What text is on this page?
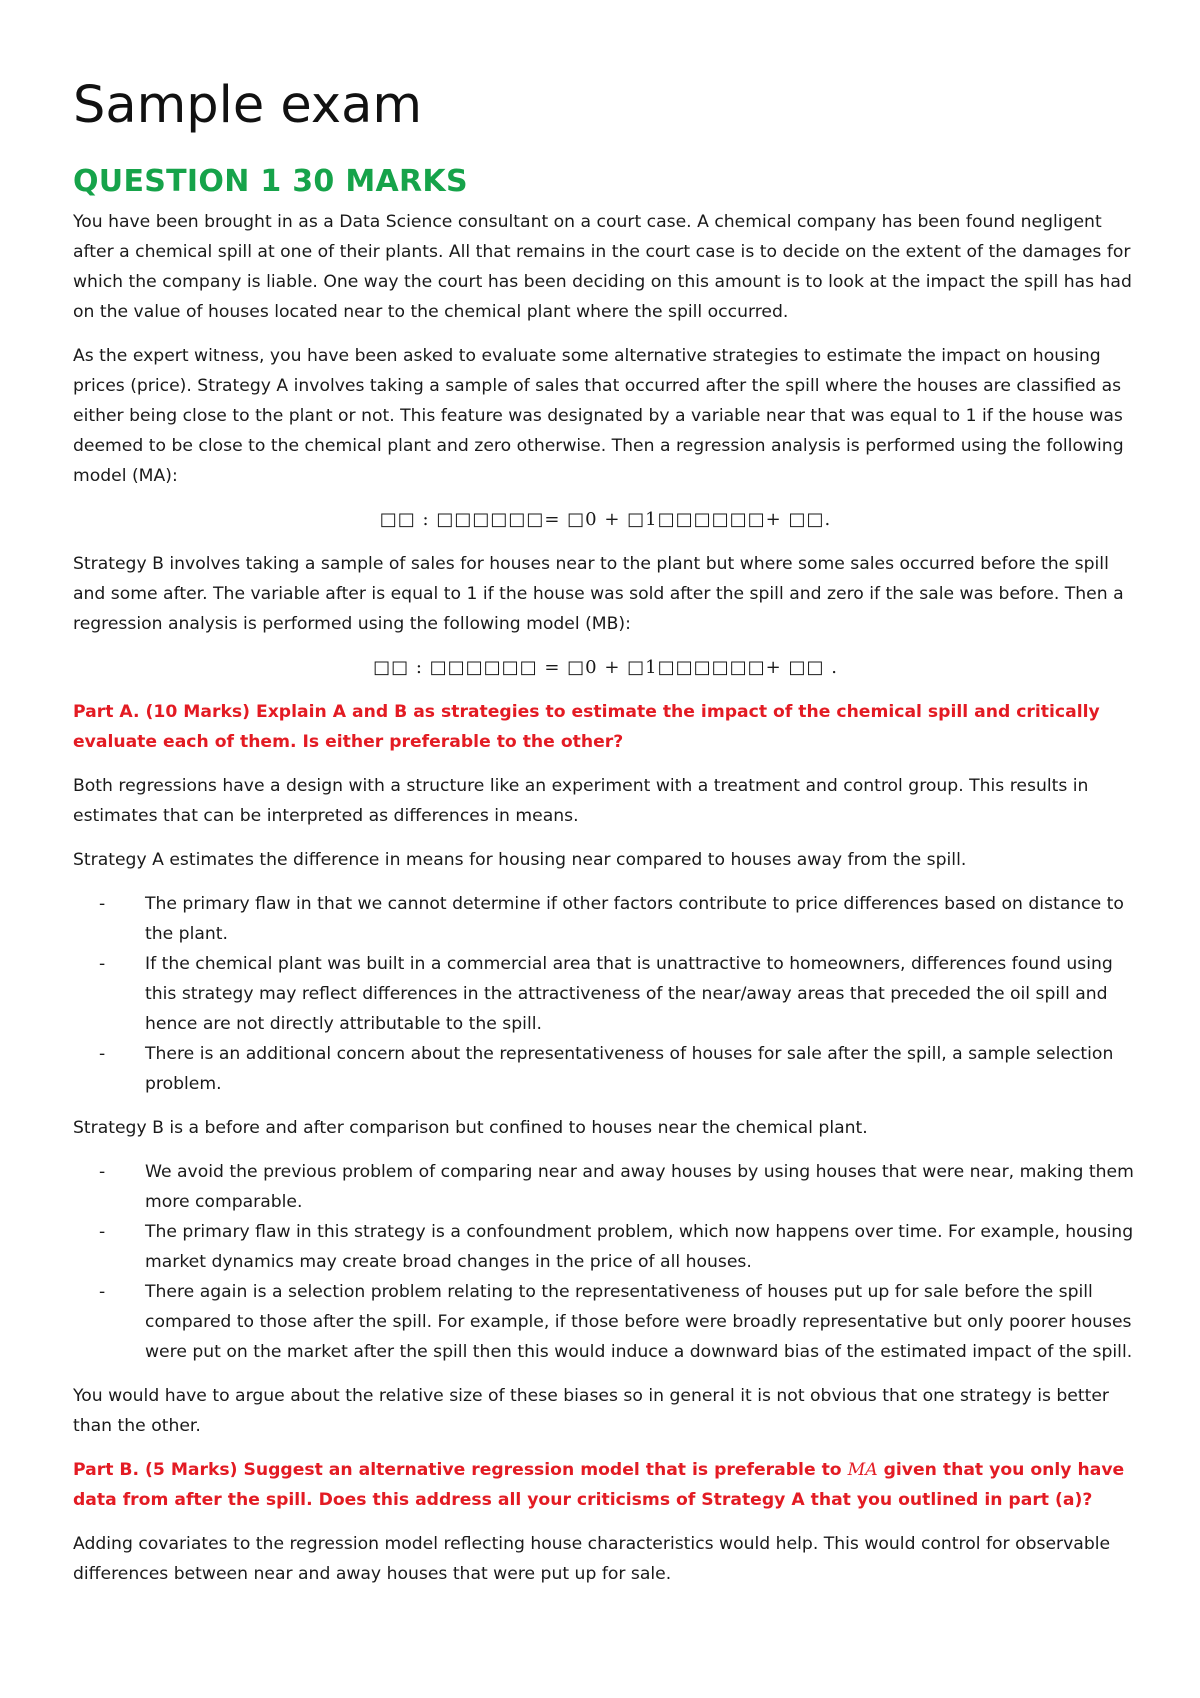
Sample exam
QUESTION 1 30 MARKS

You have been brought in as a Data Science consultant on a court case. A chemical company has been found negligent after a chemical spill at one of their plants. All that remains in the court case is to decide on the extent of the damages for which the company is liable. One way the court has been deciding on this amount is to look at the impact the spill has had on the value of houses located near to the chemical plant where the spill occurred.

As the expert witness, you have been asked to evaluate some alternative strategies to estimate the impact on housing prices (price). Strategy A involves taking a sample of sales that occurred after the spill where the houses are classified as either being close to the plant or not. This feature was designated by a variable near that was equal to 1 if the house was deemed to be close to the chemical plant and zero otherwise. Then a regression analysis is performed using the following model (MA):

□□ : □□□□□□= □0 + □1□□□□□□+ □□.

Strategy B involves taking a sample of sales for houses near to the plant but where some sales occurred before the spill and some after. The variable after is equal to 1 if the house was sold after the spill and zero if the sale was before. Then a regression analysis is performed using the following model (MB):

□□ : □□□□□□ = □0 + □1□□□□□□+ □□ .

Part A. (10 Marks) Explain A and B as strategies to estimate the impact of the chemical spill and critically evaluate each of them. Is either preferable to the other?

Both regressions have a design with a structure like an experiment with a treatment and control group. This results in estimates that can be interpreted as differences in means.

Strategy A estimates the difference in means for housing near compared to houses away from the spill.

- The primary flaw in that we cannot determine if other factors contribute to price differences based on distance to the plant.
- If the chemical plant was built in a commercial area that is unattractive to homeowners, differences found using this strategy may reflect differences in the attractiveness of the near/away areas that preceded the oil spill and hence are not directly attributable to the spill.
- There is an additional concern about the representativeness of houses for sale after the spill, a sample selection problem.

Strategy B is a before and after comparison but confined to houses near the chemical plant.

- We avoid the previous problem of comparing near and away houses by using houses that were near, making them more comparable.
- The primary flaw in this strategy is a confoundment problem, which now happens over time. For example, housing market dynamics may create broad changes in the price of all houses.
- There again is a selection problem relating to the representativeness of houses put up for sale before the spill compared to those after the spill. For example, if those before were broadly representative but only poorer houses were put on the market after the spill then this would induce a downward bias of the estimated impact of the spill.

You would have to argue about the relative size of these biases so in general it is not obvious that one strategy is better than the other.

Part B. (5 Marks) Suggest an alternative regression model that is preferable to MA given that you only have data from after the spill. Does this address all your criticisms of Strategy A that you outlined in part (a)?

Adding covariates to the regression model reflecting house characteristics would help. This would control for observable differences between near and away houses that were put up for sale.
